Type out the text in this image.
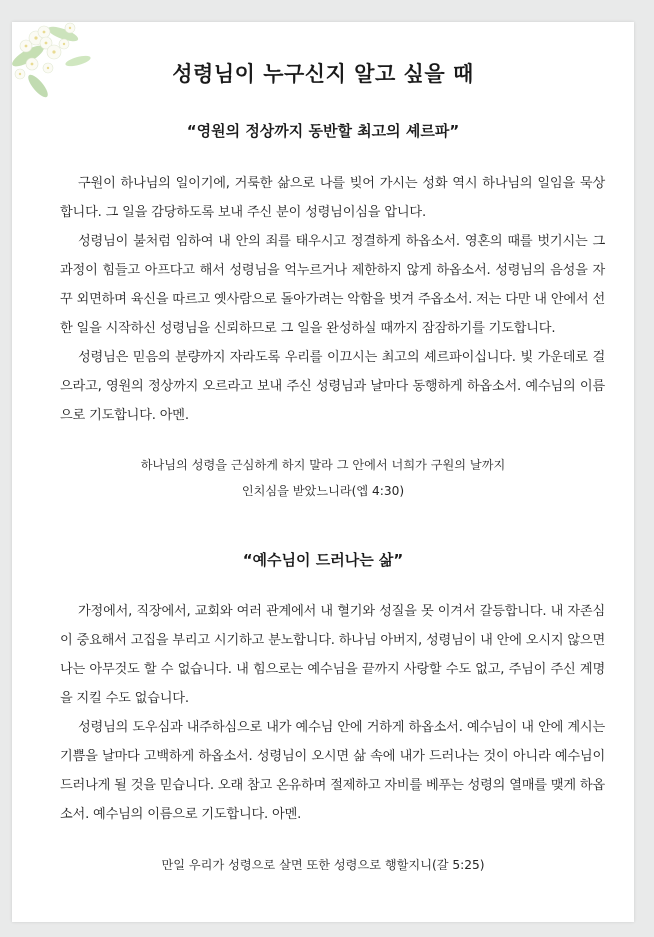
성령님이 누구신지 알고 싶을 때
“영원의 정상까지 동반할 최고의 셰르파”

구원이 하나님의 일이기에, 거룩한 삶으로 나를 빚어 가시는 성화 역시 하나님의 일임을 묵상합니다. 그 일을 감당하도록 보내 주신 분이 성령님이심을 압니다.

성령님이 불처럼 임하여 내 안의 죄를 태우시고 정결하게 하옵소서. 영혼의 때를 벗기시는 그 과정이 힘들고 아프다고 해서 성령님을 억누르거나 제한하지 않게 하옵소서. 성령님의 음성을 자꾸 외면하며 육신을 따르고 옛사람으로 돌아가려는 악함을 벗겨 주옵소서. 저는 다만 내 안에서 선한 일을 시작하신 성령님을 신뢰하므로 그 일을 완성하실 때까지 잠잠하기를 기도합니다.

성령님은 믿음의 분량까지 자라도록 우리를 이끄시는 최고의 셰르파이십니다. 빛 가운데로 걸으라고, 영원의 정상까지 오르라고 보내 주신 성령님과 날마다 동행하게 하옵소서. 예수님의 이름으로 기도합니다. 아멘.

하나님의 성령을 근심하게 하지 말라 그 안에서 너희가 구원의 날까지
인치심을 받았느니라(엡 4:30)
“예수님이 드러나는 삶”

가정에서, 직장에서, 교회와 여러 관계에서 내 혈기와 성질을 못 이겨서 갈등합니다. 내 자존심이 중요해서 고집을 부리고 시기하고 분노합니다. 하나님 아버지, 성령님이 내 안에 오시지 않으면 나는 아무것도 할 수 없습니다. 내 힘으로는 예수님을 끝까지 사랑할 수도 없고, 주님이 주신 계명을 지킬 수도 없습니다.

성령님의 도우심과 내주하심으로 내가 예수님 안에 거하게 하옵소서. 예수님이 내 안에 계시는 기쁨을 날마다 고백하게 하옵소서. 성령님이 오시면 삶 속에 내가 드러나는 것이 아니라 예수님이 드러나게 될 것을 믿습니다. 오래 참고 온유하며 절제하고 자비를 베푸는 성령의 열매를 맺게 하옵소서. 예수님의 이름으로 기도합니다. 아멘.

만일 우리가 성령으로 살면 또한 성령으로 행할지니(갈 5:25)
